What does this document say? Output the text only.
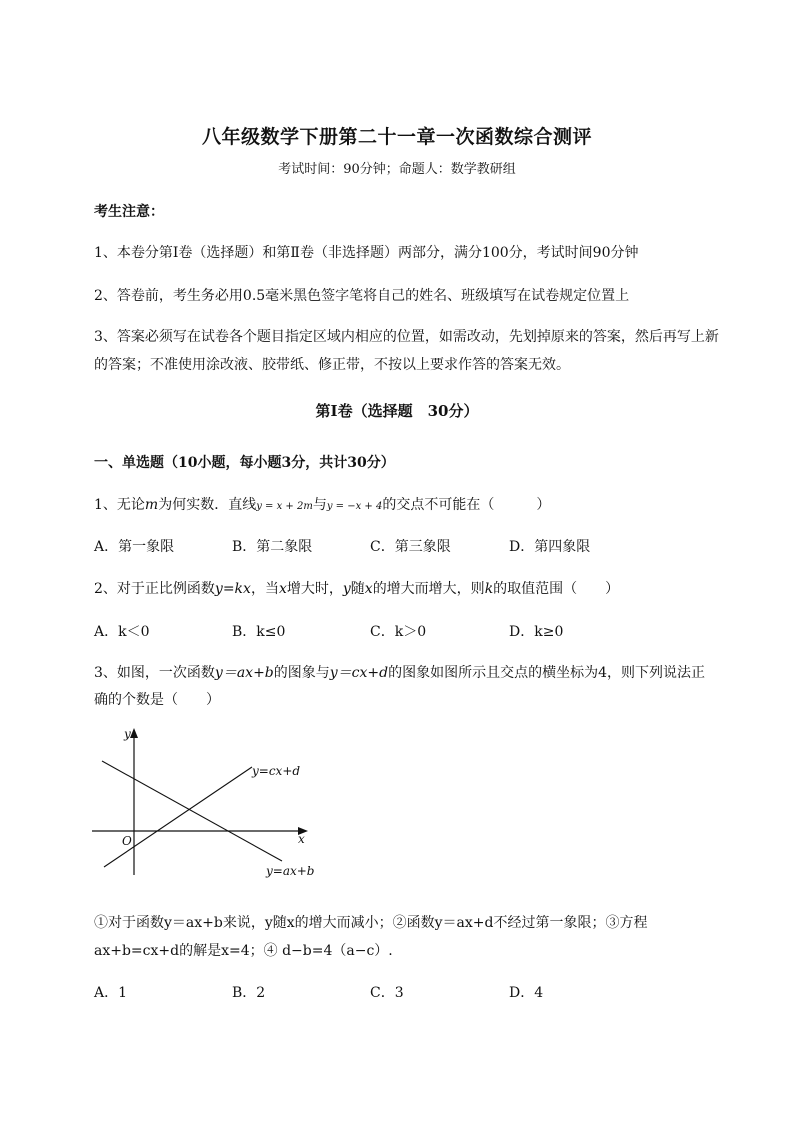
八年级数学下册第二十一章一次函数综合测评
考试时间：90分钟；命题人：数学教研组
考生注意：
1、本卷分第Ⅰ卷（选择题）和第Ⅱ卷（非选择题）两部分，满分100分，考试时间90分钟
2、答卷前，考生务必用0.5毫米黑色签字笔将自己的姓名、班级填写在试卷规定位置上
3、答案必须写在试卷各个题目指定区域内相应的位置，如需改动，先划掉原来的答案，然后再写上新
的答案；不准使用涂改液、胶带纸、修正带，不按以上要求作答的答案无效。
第Ⅰ卷（选择题　30分）
一、单选题（10小题，每小题3分，共计30分）
1、无论m为何实数．直线y = x + 2m与y = −x + 4的交点不可能在（　　　）
A．第一象限	B．第二象限	C．第三象限	D．第四象限
2、对于正比例函数y=kx，当x增大时，y随x的增大而增大，则k的取值范围（　　）
A．k＜0	B．k≤0	C．k＞0	D．k≥0
3、如图，一次函数y＝ax+b的图象与y＝cx+d的图象如图所示且交点的横坐标为4，则下列说法正
确的个数是（　　）
y
x
O
y=cx+d
y=ax+b
①对于函数y＝ax+b来说，y随x的增大而减小；②函数y＝ax+d不经过第一象限；③方程
ax+b=cx+d的解是x=4；④ d−b=4（a−c）.
A．1	B．2	C．3	D．4
